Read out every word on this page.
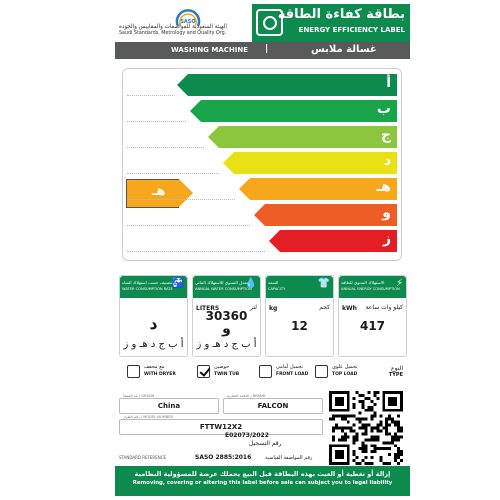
SASO
الهيئة السعودية للمواصفات والمقاييس والجودة
Saudi Standards, Metrology and Quality Org.
بطاقة كفاءة الطاقة
ENERGY EFFICIENCY LABEL
WASHING MACHINE |	غسالة ملابس
هـ
أ
ب
ج
د
هـ
و
ز
التصنيف حسب استهلاك المياه
WATER CONSUMPTION RATE
🚰
د
أ ب ج د هـ و ز
المعدل السنوي للاستهلاك المائي
ANNUAL WATER CONSUMPTION
💧
LITERS	لتر
30360
و
أ ب ج د هـ و ز
السعة
CAPACITY	👕
kg	كجم
12
الاستهلاك السنوي للطاقة
ANNUAL ENERGY CONSUMPTION
⚡
kWh كيلو وات ساعة
417
مع مجفف
WITH DRYER
حوضين
TWIN TUB
تحميل أمامي
FRONT LOAD
تحميل علوي
TOP LOAD
النوع
TYPE
بلد المنشأ / ORIGIN
China
العلامة التجارية / BRAND
FALCON
رقم الطراز / MODEL NUMBER
FTTW12X2
E02073/2022
رقم التسجيل
STANDARD REFERENCE	SASO 2885:2016	رقم المواصفة القياسية
إزالة أو تغطية أو العبث بهذه البطاقة قبل البيع يحملك عرضة للمسؤولية النظامية
Removing, covering or altering this label before sale can subject you to legal liability
